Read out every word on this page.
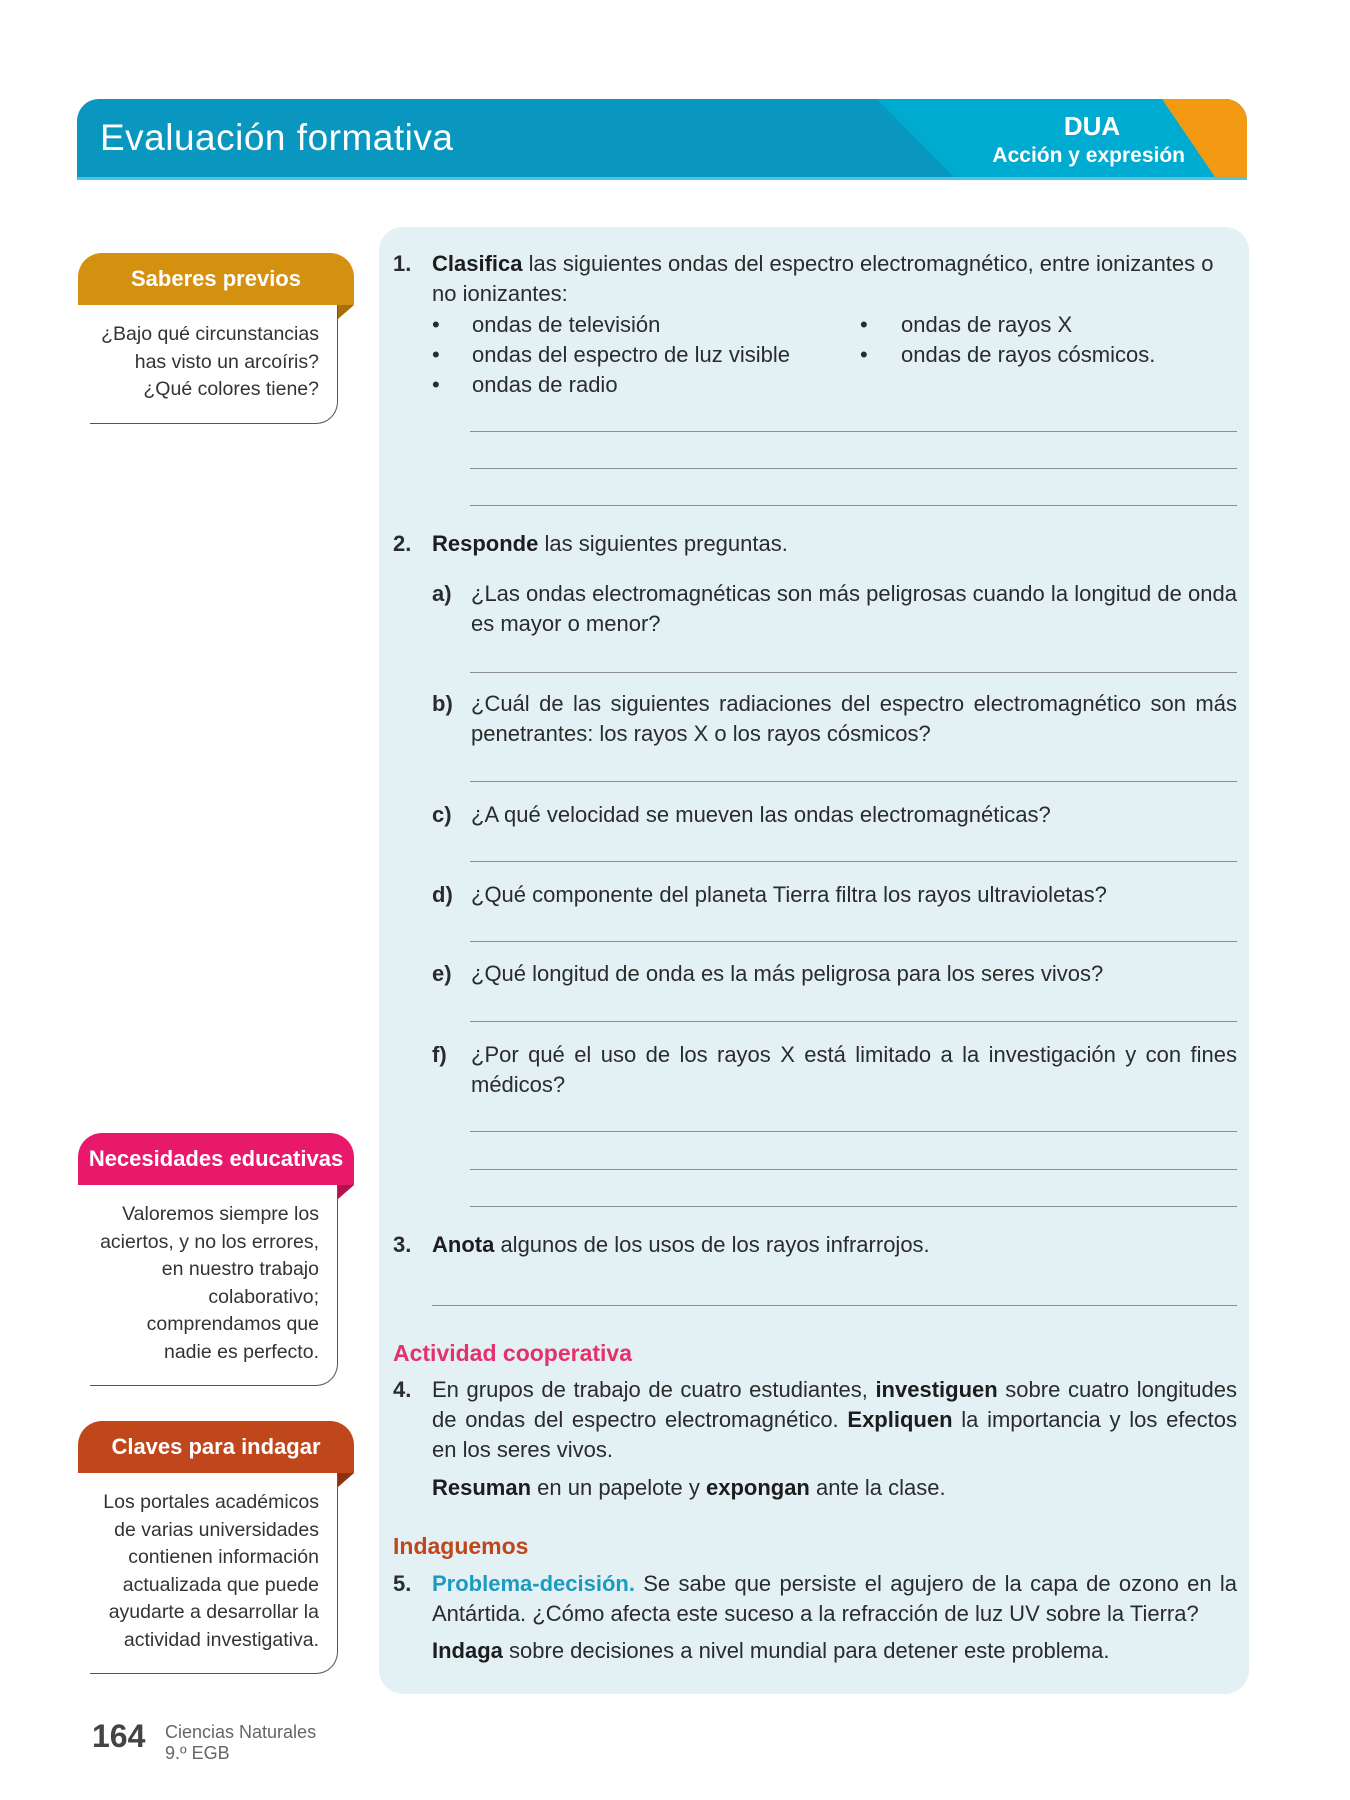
Evaluación formativa	DUA
Acción y expresión
Saberes previos
¿Bajo qué circunstancias
has visto un arcoíris?
¿Qué colores tiene?
Necesidades educativas
Valoremos siempre los
aciertos, y no los errores,
en nuestro trabajo
colaborativo;
comprendamos que
nadie es perfecto.
Claves para indagar
Los portales académicos
de varias universidades
contienen información
actualizada que puede
ayudarte a desarrollar la
actividad investigativa.
1. Clasifica las siguientes ondas del espectro electromagnético, entre ionizantes o
no ionizantes:
•
•
•
•
•
ondas de televisión
ondas del espectro de luz visible
ondas de radio
ondas de rayos X
ondas de rayos cósmicos.
2. Responde las siguientes preguntas.
a) ¿Las ondas electromagnéticas son más peligrosas cuando la longitud de onda es mayor o menor?
b) ¿Cuál de las siguientes radiaciones del espectro electromagnético son más penetrantes: los rayos X o los rayos cósmicos?
c) ¿A qué velocidad se mueven las ondas electromagnéticas?
d) ¿Qué componente del planeta Tierra filtra los rayos ultravioletas?
e) ¿Qué longitud de onda es la más peligrosa para los seres vivos?
f) ¿Por qué el uso de los rayos X está limitado a la investigación y con fines médicos?
3. Anota algunos de los usos de los rayos infrarrojos.
Actividad cooperativa
4. En grupos de trabajo de cuatro estudiantes, investiguen sobre cuatro longitudes de ondas del espectro electromagnético. Expliquen la importancia y los efectos en los seres vivos.
Resuman en un papelote y expongan ante la clase.
Indaguemos
5. Problema-decisión. Se sabe que persiste el agujero de la capa de ozono en la Antártida. ¿Cómo afecta este suceso a la refracción de luz UV sobre la Tierra?
Indaga sobre decisiones a nivel mundial para detener este problema.
164 Ciencias Naturales
9.º EGB
